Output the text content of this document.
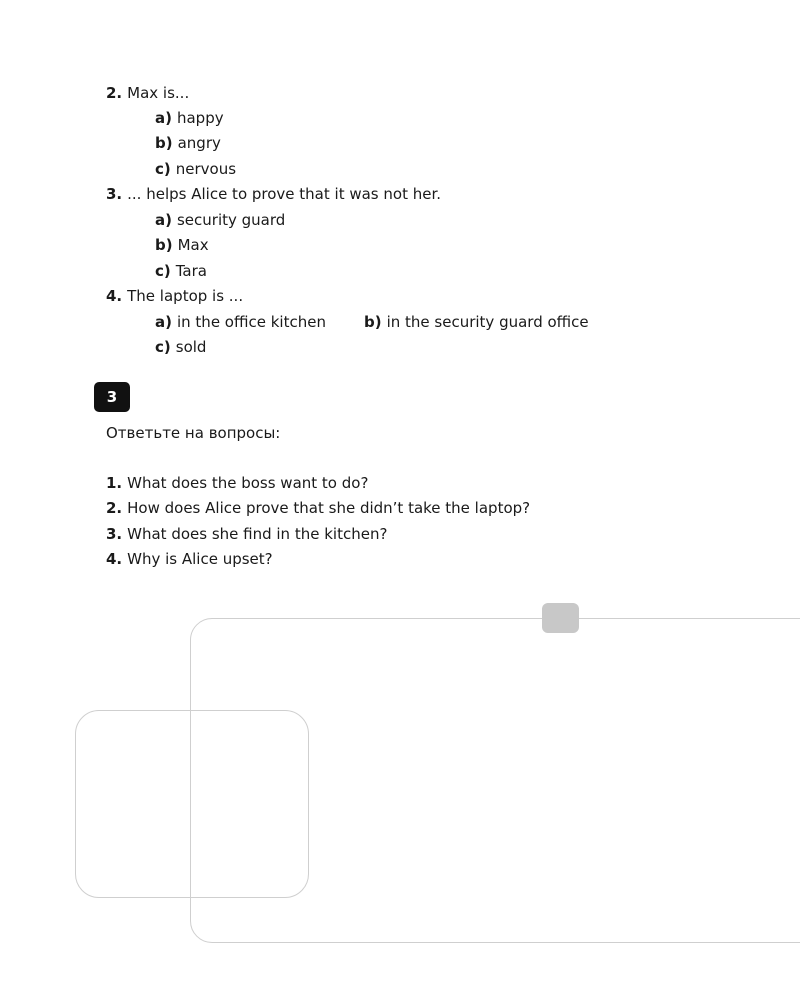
2. Max is...
a) happy
b) angry
c) nervous
3. ... helps Alice to prove that it was not her.
a) security guard
b) Max
c) Tara
4. The laptop is ...
a) in the office kitchen	b) in the security guard office
c) sold
3
Ответьте на вопросы:
1. What does the boss want to do?
2. How does Alice prove that she didn’t take the laptop?
3. What does she find in the kitchen?
4. Why is Alice upset?
